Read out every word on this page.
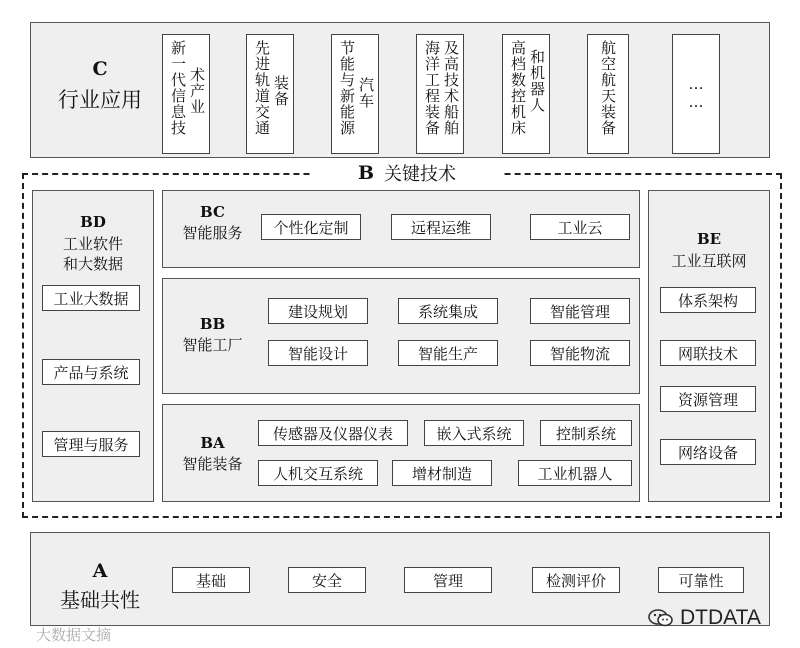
C
行业应用	新一代信息技 术产业	先进轨道交通 装备	节能与新能源 汽车	海洋工程装备 及高技术船舶	高档数控机床 和机器人	航空航天装备	……
B 关键技术
BD
工业软件
和大数据
工业大数据
产品与系统
管理与服务
BC
智能服务	个性化定制	远程运维	工业云
BB
智能工厂
建设规划	系统集成	智能管理
智能设计	智能生产	智能物流
BA
智能装备
传感器及仪器仪表	嵌入式系统	控制系统
人机交互系统	增材制造	工业机器人
BE
工业互联网
体系架构
网联技术
资源管理
网络设备
A
基础共性
基础	安全	管理	检测评价	可靠性
DTDATA
大数据文摘
